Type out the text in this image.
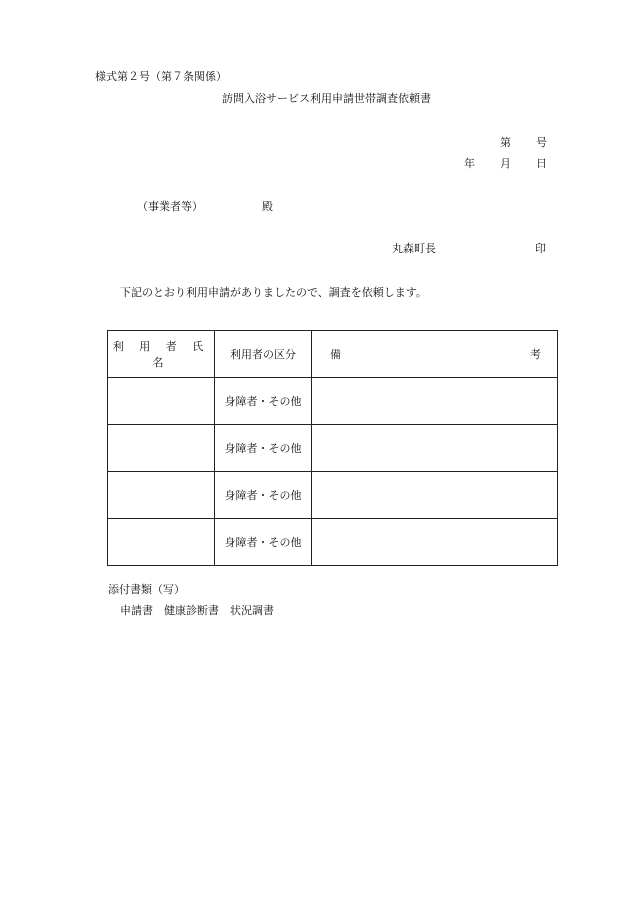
様式第２号（第７条関係）
訪問入浴サービス利用申請世帯調査依頼書
第 号
年 月 日
（事業者等）	殿
丸森町長	印
下記のとおり利用申請がありましたので、調査を依頼します。
利 用 者 氏 名	利用者の区分	備 考

	身障者・その他	
	身障者・その他	
	身障者・その他	
	身障者・その他	
添付書類（写）
申請書　健康診断書　状況調書
